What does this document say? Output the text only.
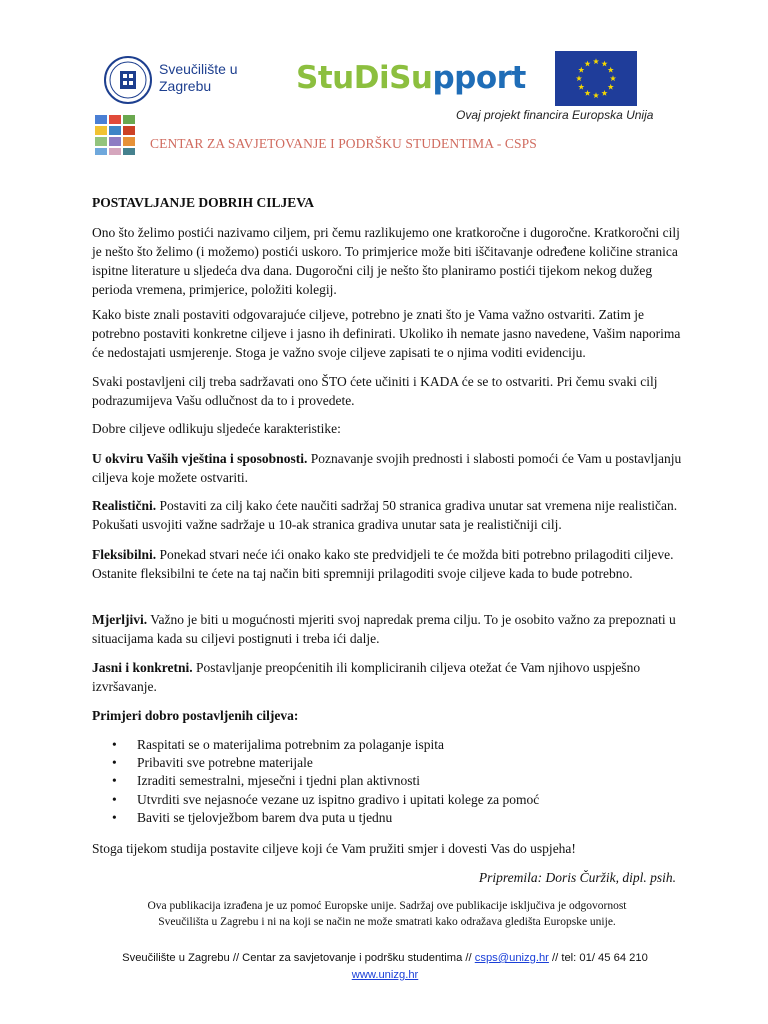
Sveučilište u
Zagrebu	StuDiSupport
Ovaj projekt financira Europska Unija
CENTAR ZA SAVJETOVANJE I PODRŠKU STUDENTIMA - CSPS
POSTAVLJANJE DOBRIH CILJEVA
Ono što želimo postići nazivamo ciljem, pri čemu razlikujemo one kratkoročne i dugoročne. Kratkoročni cilj je nešto što želimo (i možemo) postići uskoro. To primjerice može biti iščitavanje određene količine stranica ispitne literature u sljedeća dva dana. Dugoročni cilj je nešto što planiramo postići tijekom nekog dužeg perioda vremena, primjerice, položiti kolegij.
Kako biste znali postaviti odgovarajuće ciljeve, potrebno je znati što je Vama važno ostvariti. Zatim je potrebno postaviti konkretne ciljeve i jasno ih definirati. Ukoliko ih nemate jasno navedene, Vašim naporima će nedostajati usmjerenje. Stoga je važno svoje ciljeve zapisati te o njima voditi evidenciju.
Svaki postavljeni cilj treba sadržavati ono ŠTO ćete učiniti i KADA će se to ostvariti. Pri čemu svaki cilj podrazumijeva Vašu odlučnost da to i provedete.
Dobre ciljeve odlikuju sljedeće karakteristike:
U okviru Vaših vještina i sposobnosti. Poznavanje svojih prednosti i slabosti pomoći će Vam u postavljanju ciljeva koje možete ostvariti.
Realistični. Postaviti za cilj kako ćete naučiti sadržaj 50 stranica gradiva unutar sat vremena nije realističan. Pokušati usvojiti važne sadržaje u 10-ak stranica gradiva unutar sata je realističniji cilj.
Fleksibilni. Ponekad stvari neće ići onako kako ste predvidjeli te će možda biti potrebno prilagoditi ciljeve. Ostanite fleksibilni te ćete na taj način biti spremniji prilagoditi svoje ciljeve kada to bude potrebno.
Mjerljivi. Važno je biti u mogućnosti mjeriti svoj napredak prema cilju. To je osobito važno za prepoznati u situacijama kada su ciljevi postignuti i treba ići dalje.
Jasni i konkretni. Postavljanje preopćenitih ili kompliciranih ciljeva otežat će Vam njihovo uspješno izvršavanje.
Primjeri dobro postavljenih ciljeva:
• Raspitati se o materijalima potrebnim za polaganje ispita
• Pribaviti sve potrebne materijale
• Izraditi semestralni, mjesečni i tjedni plan aktivnosti
• Utvrditi sve nejasnoće vezane uz ispitno gradivo i upitati kolege za pomoć
• Baviti se tjelovježbom barem dva puta u tjednu
Stoga tijekom studija postavite ciljeve koji će Vam pružiti smjer i dovesti Vas do uspjeha!
Pripremila: Doris Čuržik, dipl. psih.
Ova publikacija izrađena je uz pomoć Europske unije. Sadržaj ove publikacije isključiva je odgovornost
Sveučilišta u Zagrebu i ni na koji se način ne može smatrati kako odražava gledišta Europske unije.
Sveučilište u Zagrebu // Centar za savjetovanje i podršku studentima // csps@unizg.hr // tel: 01/ 45 64 210
www.unizg.hr
